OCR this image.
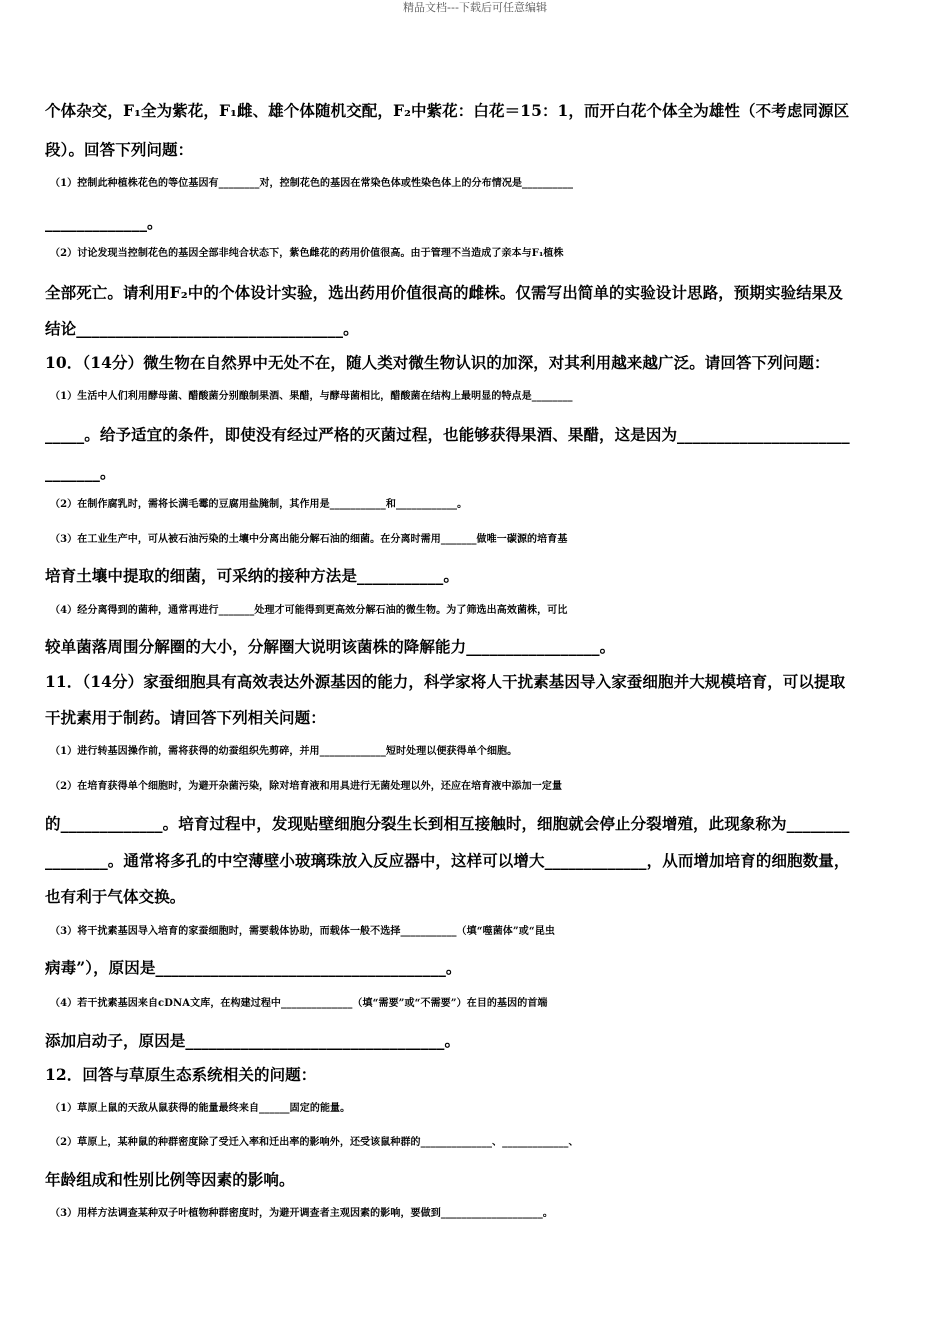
精品文档---下载后可任意编辑
个体杂交，F₁全为紫花，F₁雌、雄个体随机交配，F₂中紫花：白花＝15：1，而开白花个体全为雄性（不考虑同源区
段）。回答下列问题：
（1）控制此种植株花色的等位基因有________对，控制花色的基因在常染色体或性染色体上的分布情况是__________
_____________。
（2）讨论发现当控制花色的基因全部非纯合状态下，紫色雌花的药用价值很高。由于管理不当造成了亲本与F₁植株
全部死亡。请利用F₂中的个体设计实验，选出药用价值很高的雌株。仅需写出简单的实验设计思路，预期实验结果及
结论__________________________________。
10．（14分）微生物在自然界中无处不在，随人类对微生物认识的加深，对其利用越来越广泛。请回答下列问题：
（1）生活中人们利用酵母菌、醋酸菌分别酿制果酒、果醋，与酵母菌相比，醋酸菌在结构上最明显的特点是________
_____。给予适宜的条件，即使没有经过严格的灭菌过程，也能够获得果酒、果醋，这是因为______________________
_______。
（2）在制作腐乳时，需将长满毛霉的豆腐用盐腌制，其作用是___________和____________。
（3）在工业生产中，可从被石油污染的土壤中分离出能分解石油的细菌。在分离时需用_______做唯一碳源的培育基
培育土壤中提取的细菌，可采纳的接种方法是___________。
（4）经分离得到的菌种，通常再进行_______处理才可能得到更高效分解石油的微生物。为了筛选出高效菌株，可比
较单菌落周围分解圈的大小，分解圈大说明该菌株的降解能力_________________。
11．（14分）家蚕细胞具有高效表达外源基因的能力，科学家将人干扰素基因导入家蚕细胞并大规模培育，可以提取
干扰素用于制药。请回答下列相关问题：
（1）进行转基因操作前，需将获得的幼蚕组织先剪碎，并用_____________短时处理以便获得单个细胞。
（2）在培育获得单个细胞时，为避开杂菌污染，除对培育液和用具进行无菌处理以外，还应在培育液中添加一定量
的_____________。培育过程中，发现贴壁细胞分裂生长到相互接触时，细胞就会停止分裂增殖，此现象称为________
________。通常将多孔的中空薄壁小玻璃珠放入反应器中，这样可以增大_____________，从而增加培育的细胞数量，
也有利于气体交换。
（3）将干扰素基因导入培育的家蚕细胞时，需要载体协助，而载体一般不选择___________（填“噬菌体”或“昆虫
病毒”），原因是_____________________________________。
（4）若干扰素基因来自cDNA文库，在构建过程中______________（填“需要”或“不需要”）在目的基因的首端
添加启动子，原因是_________________________________。
12．回答与草原生态系统相关的问题：
（1）草原上鼠的天敌从鼠获得的能量最终来自______固定的能量。
（2）草原上，某种鼠的种群密度除了受迁入率和迁出率的影响外，还受该鼠种群的______________、_____________、
年龄组成和性别比例等因素的影响。
（3）用样方法调查某种双子叶植物种群密度时，为避开调查者主观因素的影响，要做到____________________。
